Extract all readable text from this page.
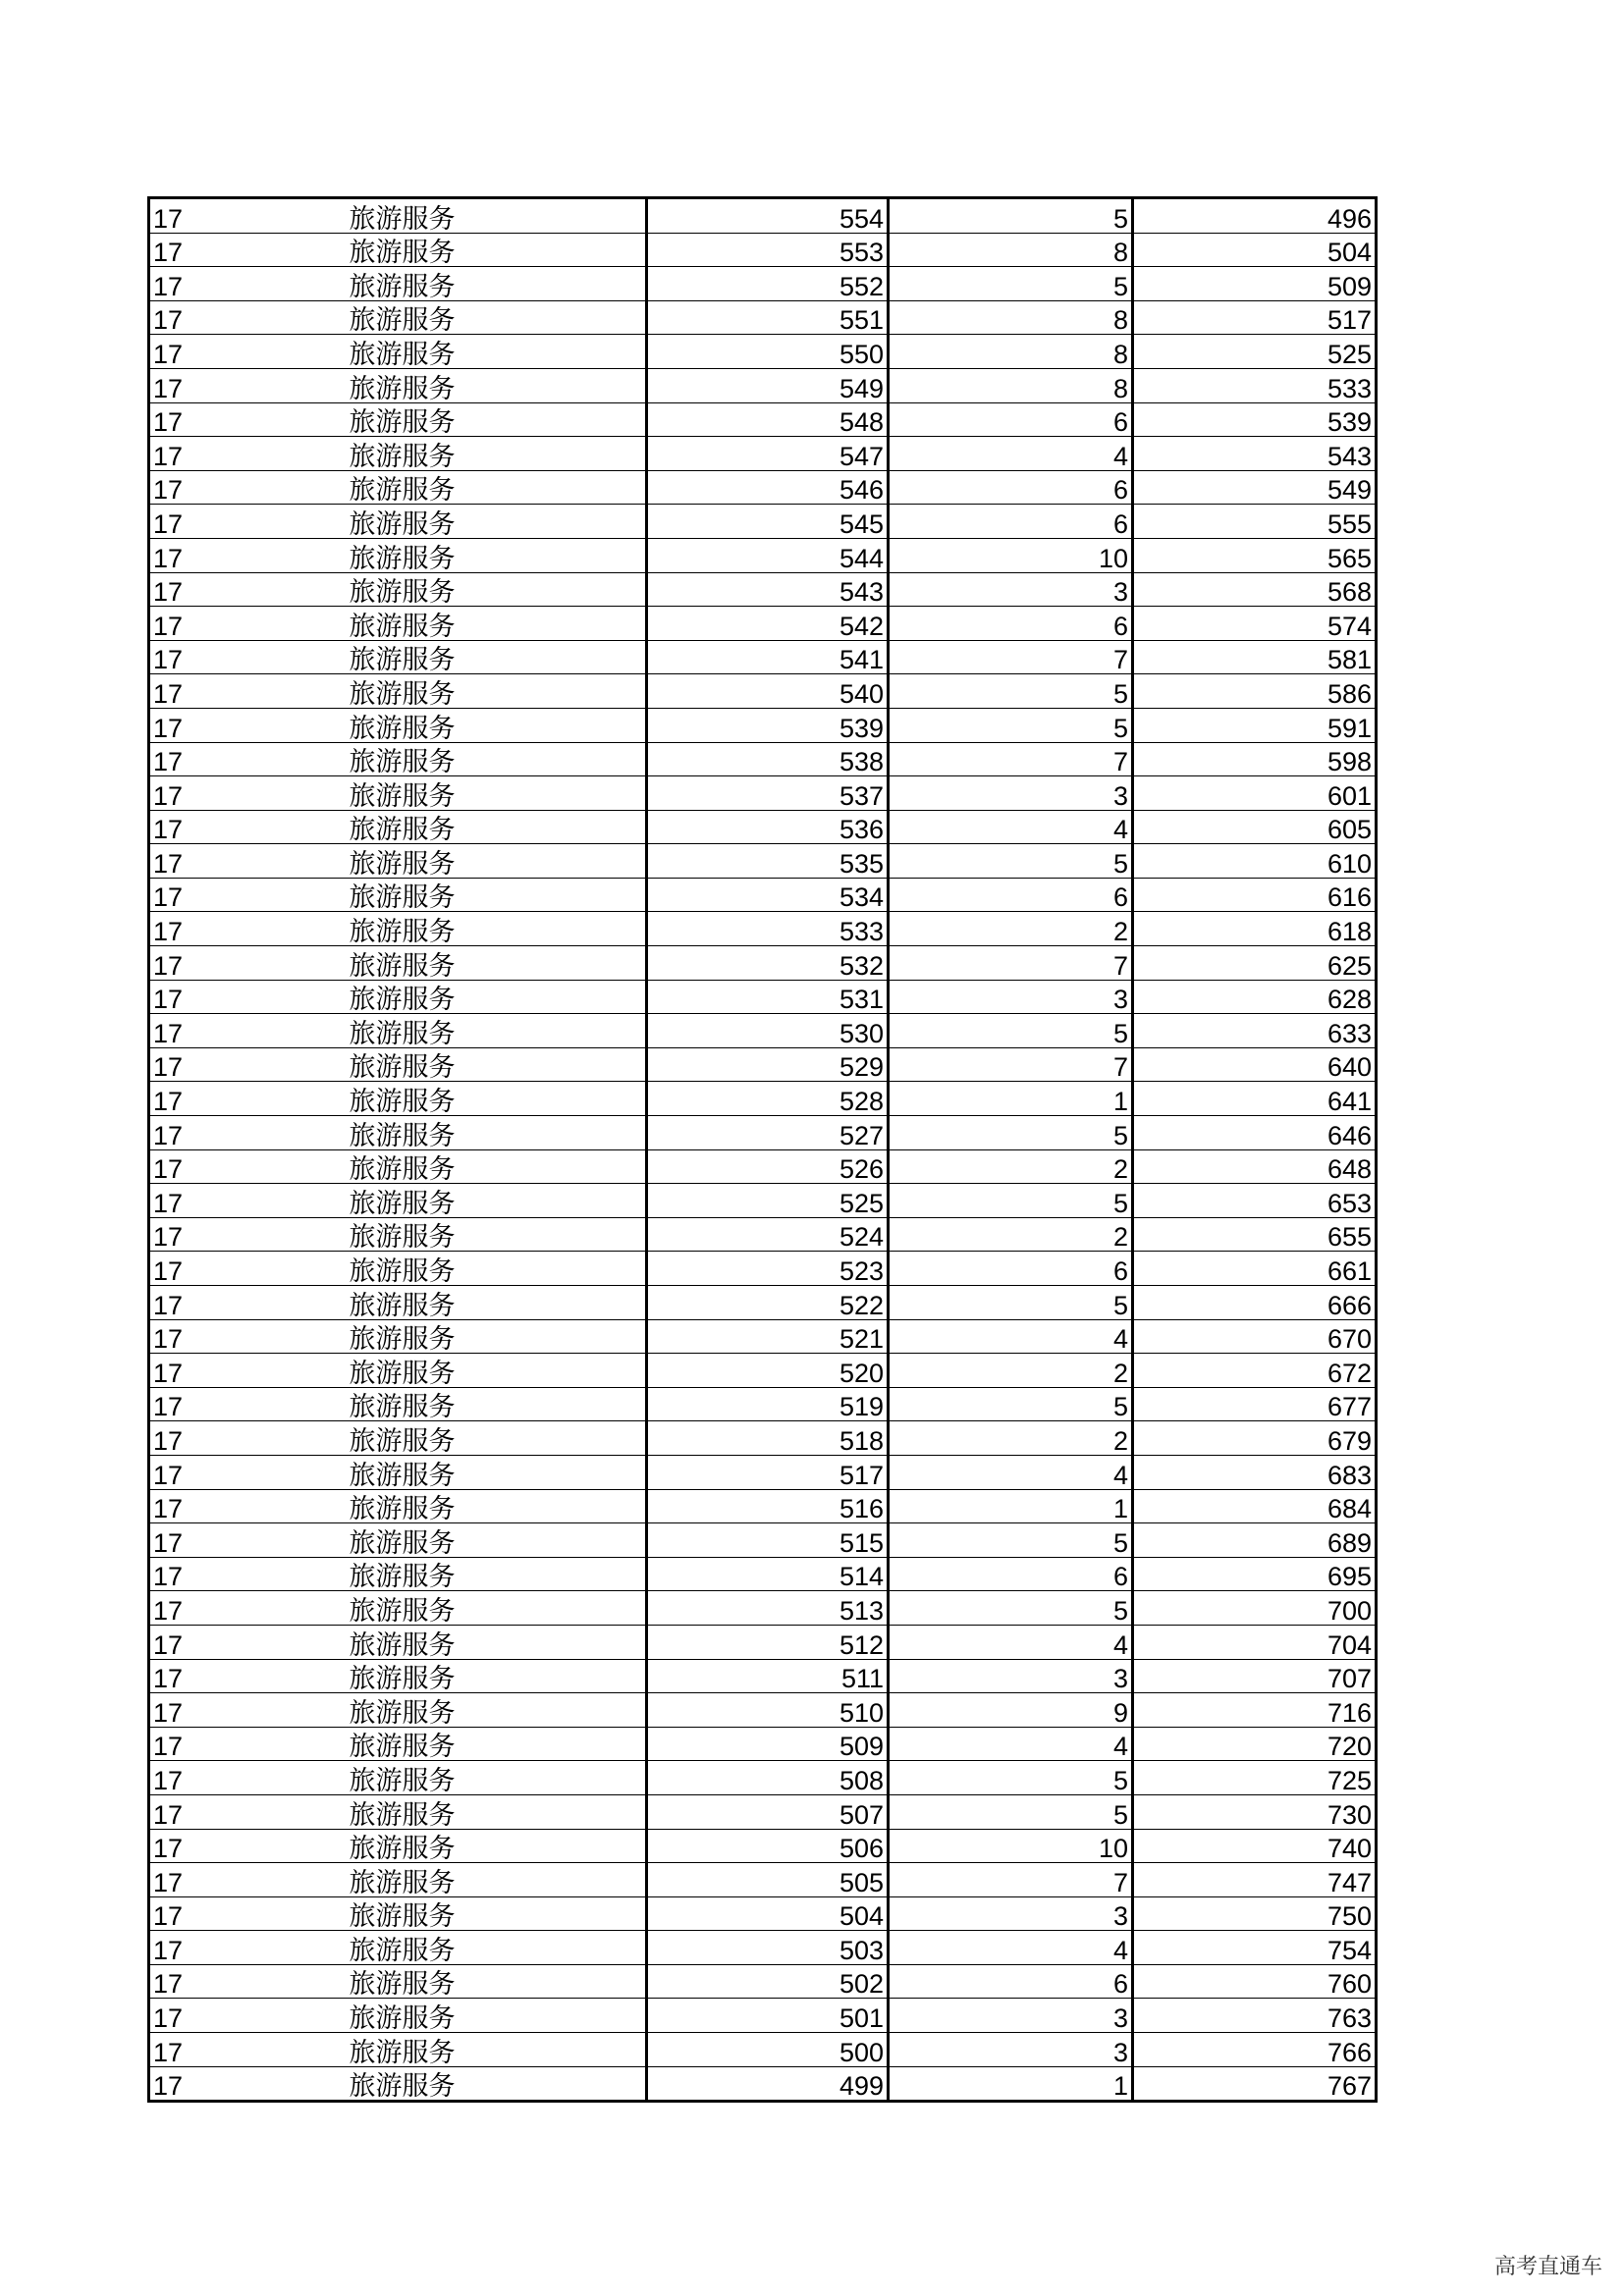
17	旅游服务	554	5	496
17	旅游服务	553	8	504
17	旅游服务	552	5	509
17	旅游服务	551	8	517
17	旅游服务	550	8	525
17	旅游服务	549	8	533
17	旅游服务	548	6	539
17	旅游服务	547	4	543
17	旅游服务	546	6	549
17	旅游服务	545	6	555
17	旅游服务	544	10	565
17	旅游服务	543	3	568
17	旅游服务	542	6	574
17	旅游服务	541	7	581
17	旅游服务	540	5	586
17	旅游服务	539	5	591
17	旅游服务	538	7	598
17	旅游服务	537	3	601
17	旅游服务	536	4	605
17	旅游服务	535	5	610
17	旅游服务	534	6	616
17	旅游服务	533	2	618
17	旅游服务	532	7	625
17	旅游服务	531	3	628
17	旅游服务	530	5	633
17	旅游服务	529	7	640
17	旅游服务	528	1	641
17	旅游服务	527	5	646
17	旅游服务	526	2	648
17	旅游服务	525	5	653
17	旅游服务	524	2	655
17	旅游服务	523	6	661
17	旅游服务	522	5	666
17	旅游服务	521	4	670
17	旅游服务	520	2	672
17	旅游服务	519	5	677
17	旅游服务	518	2	679
17	旅游服务	517	4	683
17	旅游服务	516	1	684
17	旅游服务	515	5	689
17	旅游服务	514	6	695
17	旅游服务	513	5	700
17	旅游服务	512	4	704
17	旅游服务	511	3	707
17	旅游服务	510	9	716
17	旅游服务	509	4	720
17	旅游服务	508	5	725
17	旅游服务	507	5	730
17	旅游服务	506	10	740
17	旅游服务	505	7	747
17	旅游服务	504	3	750
17	旅游服务	503	4	754
17	旅游服务	502	6	760
17	旅游服务	501	3	763
17	旅游服务	500	3	766
17	旅游服务	499	1	767
高考直通车
